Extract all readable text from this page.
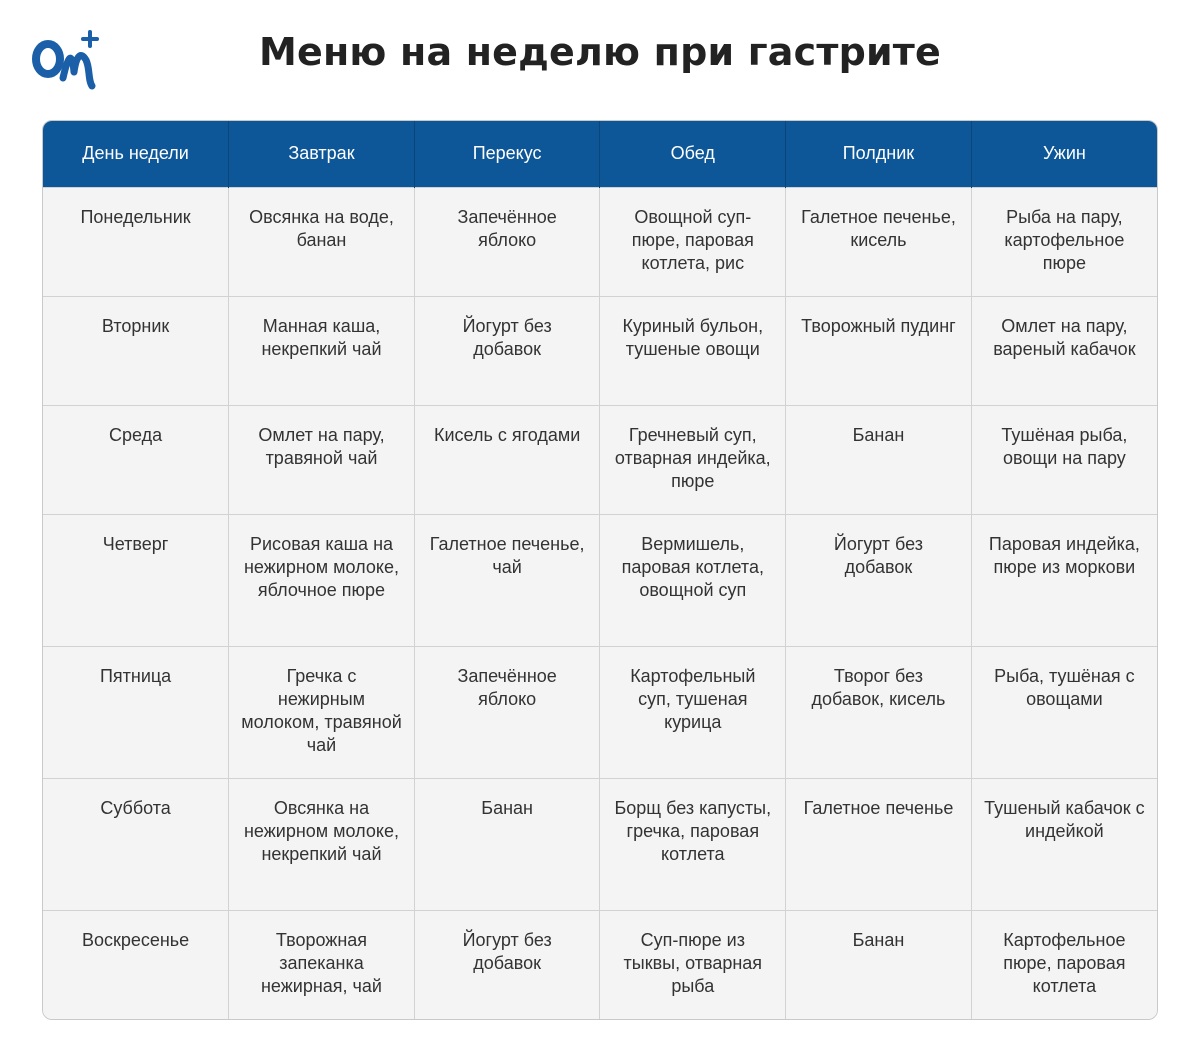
Меню на неделю при гастрите
День недели	Завтрак	Перекус	Обед	Полдник	Ужин
Понедельник	Овсянка на воде, банан	Запечённое яблоко	Овощной суп-пюре, паровая котлета, рис	Галетное печенье, кисель	Рыба на пару, картофельное пюре
Вторник	Манная каша, некрепкий чай	Йогурт без добавок	Куриный бульон, тушеные овощи	Творожный пудинг	Омлет на пару, вареный кабачок
Среда	Омлет на пару, травяной чай	Кисель с ягодами	Гречневый суп, отварная индейка, пюре	Банан	Тушёная рыба, овощи на пару
Четверг	Рисовая каша на нежирном молоке, яблочное пюре	Галетное печенье, чай	Вермишель, паровая котлета, овощной суп	Йогурт без добавок	Паровая индейка, пюре из моркови
Пятница	Гречка с нежирным молоком, травяной чай	Запечённое яблоко	Картофельный суп, тушеная курица	Творог без добавок, кисель	Рыба, тушёная с овощами
Суббота	Овсянка на нежирном молоке, некрепкий чай	Банан	Борщ без капусты, гречка, паровая котлета	Галетное печенье	Тушеный кабачок с индейкой
Воскресенье	Творожная запеканка нежирная, чай	Йогурт без добавок	Суп-пюре из тыквы, отварная рыба	Банан	Картофельное пюре, паровая котлета
